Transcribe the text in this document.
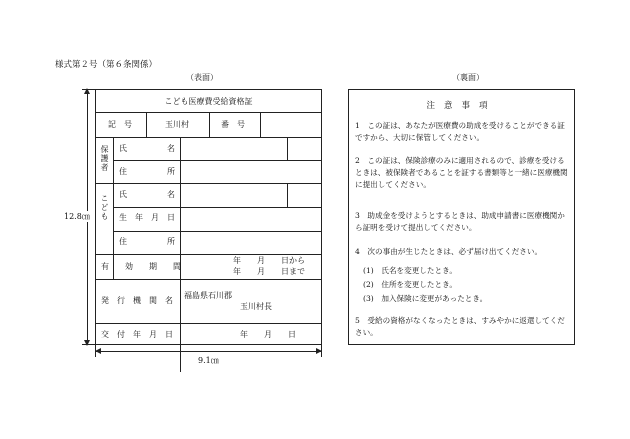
様式第２号（第６条関係）
（表面）	（裏面）
12.8㎝
9.1㎝
こども医療費受給資格証
記　号	玉川村	番　号
保護者 氏　　　　　名
住　　　　　所
こども 氏　　　　　名
生　年　月　日
住　　　　　所
有　　効　　期　　間
年　　月　　日から
年　　月　　日まで
発　行　機　関　名
福島県石川郡
玉川村長
交　付　年　月　日	年　　月　　日
注意事項
1　この証は、あなたが医療費の助成を受けることができる証ですから、大切に保管してください。
2　この証は、保険診療のみに適用されるので、診療を受けるときは、被保険者であることを証する書類等と一緒に医療機関に提出してください。
3　助成金を受けようとするときは、助成申請書に医療機関から証明を受けて提出してください。
4　次の事由が生じたときは、必ず届け出てください。
(1)　氏名を変更したとき。
(2)　住所を変更したとき。
(3)　加入保険に変更があったとき。
5　受給の資格がなくなったときは、すみやかに返還してください。
